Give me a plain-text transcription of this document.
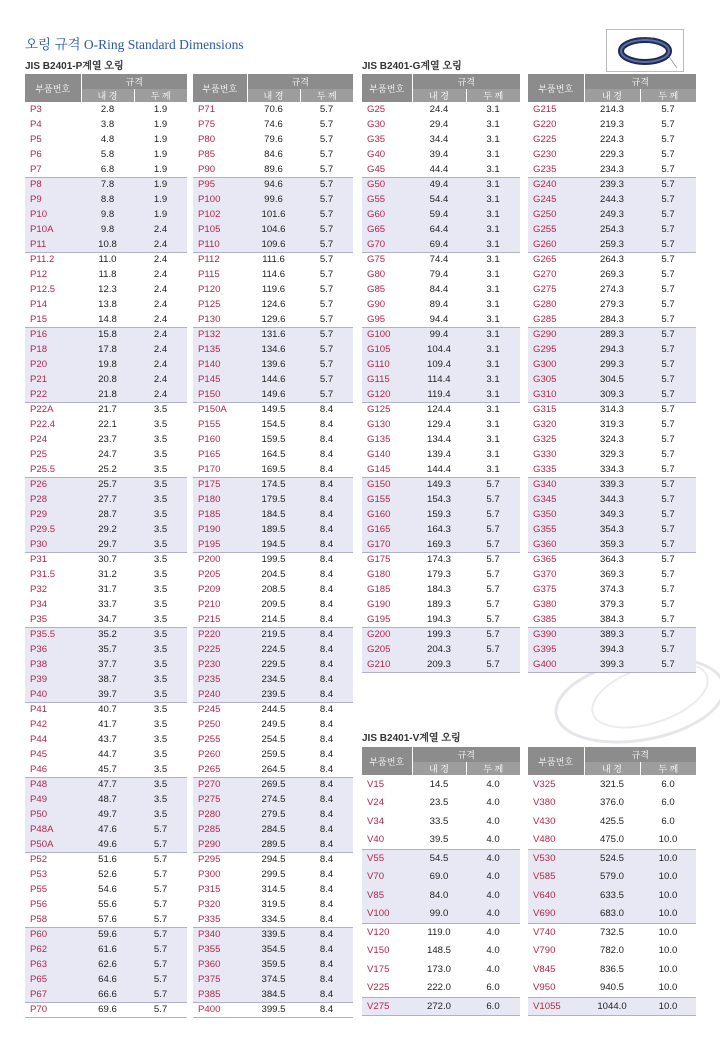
오링 규격 O-Ring Standard Dimensions
JIS B2401-P계열 오링	JIS B2401-G계열 오링
JIS B2401-V계열 오링
부품번호	규격	
	내 경	두 께
P3	2.8	1.9
P4	3.8	1.9
P5	4.8	1.9
P6	5.8	1.9
P7	6.8	1.9
P8	7.8	1.9
P9	8.8	1.9
P10	9.8	1.9
P10A	9.8	2.4
P11	10.8	2.4
P11.2	11.0	2.4
P12	11.8	2.4
P12.5	12.3	2.4
P14	13.8	2.4
P15	14.8	2.4
P16	15.8	2.4
P18	17.8	2.4
P20	19.8	2.4
P21	20.8	2.4
P22	21.8	2.4
P22A	21.7	3.5
P22.4	22.1	3.5
P24	23.7	3.5
P25	24.7	3.5
P25.5	25.2	3.5
P26	25.7	3.5
P28	27.7	3.5
P29	28.7	3.5
P29.5	29.2	3.5
P30	29.7	3.5
P31	30.7	3.5
P31.5	31.2	3.5
P32	31.7	3.5
P34	33.7	3.5
P35	34.7	3.5
P35.5	35.2	3.5
P36	35.7	3.5
P38	37.7	3.5
P39	38.7	3.5
P40	39.7	3.5
P41	40.7	3.5
P42	41.7	3.5
P44	43.7	3.5
P45	44.7	3.5
P46	45.7	3.5
P48	47.7	3.5
P49	48.7	3.5
P50	49.7	3.5
P48A	47.6	5.7
P50A	49.6	5.7
P52	51.6	5.7
P53	52.6	5.7
P55	54.6	5.7
P56	55.6	5.7
P58	57.6	5.7
P60	59.6	5.7
P62	61.6	5.7
P63	62.6	5.7
P65	64.6	5.7
P67	66.6	5.7
P70	69.6	5.7
부품번호	규격	
	내 경	두 께
P71	70.6	5.7
P75	74.6	5.7
P80	79.6	5.7
P85	84.6	5.7
P90	89.6	5.7
P95	94.6	5.7
P100	99.6	5.7
P102	101.6	5.7
P105	104.6	5.7
P110	109.6	5.7
P112	111.6	5.7
P115	114.6	5.7
P120	119.6	5.7
P125	124.6	5.7
P130	129.6	5.7
P132	131.6	5.7
P135	134.6	5.7
P140	139.6	5.7
P145	144.6	5.7
P150	149.6	5.7
P150A	149.5	8.4
P155	154.5	8.4
P160	159.5	8.4
P165	164.5	8.4
P170	169.5	8.4
P175	174.5	8.4
P180	179.5	8.4
P185	184.5	8.4
P190	189.5	8.4
P195	194.5	8.4
P200	199.5	8.4
P205	204.5	8.4
P209	208.5	8.4
P210	209.5	8.4
P215	214.5	8.4
P220	219.5	8.4
P225	224.5	8.4
P230	229.5	8.4
P235	234.5	8.4
P240	239.5	8.4
P245	244.5	8.4
P250	249.5	8.4
P255	254.5	8.4
P260	259.5	8.4
P265	264.5	8.4
P270	269.5	8.4
P275	274.5	8.4
P280	279.5	8.4
P285	284.5	8.4
P290	289.5	8.4
P295	294.5	8.4
P300	299.5	8.4
P315	314.5	8.4
P320	319.5	8.4
P335	334.5	8.4
P340	339.5	8.4
P355	354.5	8.4
P360	359.5	8.4
P375	374.5	8.4
P385	384.5	8.4
P400	399.5	8.4
부품번호	규격	
	내 경	두 께
G25	24.4	3.1
G30	29.4	3.1
G35	34.4	3.1
G40	39.4	3.1
G45	44.4	3.1
G50	49.4	3.1
G55	54.4	3.1
G60	59.4	3.1
G65	64.4	3.1
G70	69.4	3.1
G75	74.4	3.1
G80	79.4	3.1
G85	84.4	3.1
G90	89.4	3.1
G95	94.4	3.1
G100	99.4	3.1
G105	104.4	3.1
G110	109.4	3.1
G115	114.4	3.1
G120	119.4	3.1
G125	124.4	3.1
G130	129.4	3.1
G135	134.4	3.1
G140	139.4	3.1
G145	144.4	3.1
G150	149.3	5.7
G155	154.3	5.7
G160	159.3	5.7
G165	164.3	5.7
G170	169.3	5.7
G175	174.3	5.7
G180	179.3	5.7
G185	184.3	5.7
G190	189.3	5.7
G195	194.3	5.7
G200	199.3	5.7
G205	204.3	5.7
G210	209.3	5.7
부품번호	규격	
	내 경	두 께
G215	214.3	5.7
G220	219.3	5.7
G225	224.3	5.7
G230	229.3	5.7
G235	234.3	5.7
G240	239.3	5.7
G245	244.3	5.7
G250	249.3	5.7
G255	254.3	5.7
G260	259.3	5.7
G265	264.3	5.7
G270	269.3	5.7
G275	274.3	5.7
G280	279.3	5.7
G285	284.3	5.7
G290	289.3	5.7
G295	294.3	5.7
G300	299.3	5.7
G305	304.5	5.7
G310	309.3	5.7
G315	314.3	5.7
G320	319.3	5.7
G325	324.3	5.7
G330	329.3	5.7
G335	334.3	5.7
G340	339.3	5.7
G345	344.3	5.7
G350	349.3	5.7
G355	354.3	5.7
G360	359.3	5.7
G365	364.3	5.7
G370	369.3	5.7
G375	374.3	5.7
G380	379.3	5.7
G385	384.3	5.7
G390	389.3	5.7
G395	394.3	5.7
G400	399.3	5.7
부품번호	규격	
	내 경	두 께
V15	14.5	4.0
V24	23.5	4.0
V34	33.5	4.0
V40	39.5	4.0
V55	54.5	4.0
V70	69.0	4.0
V85	84.0	4.0
V100	99.0	4.0
V120	119.0	4.0
V150	148.5	4.0
V175	173.0	4.0
V225	222.0	6.0
V275	272.0	6.0
부품번호	규격	
	내 경	두 께
V325	321.5	6.0
V380	376.0	6.0
V430	425.5	6.0
V480	475.0	10.0
V530	524.5	10.0
V585	579.0	10.0
V640	633.5	10.0
V690	683.0	10.0
V740	732.5	10.0
V790	782.0	10.0
V845	836.5	10.0
V950	940.5	10.0
V1055	1044.0	10.0
